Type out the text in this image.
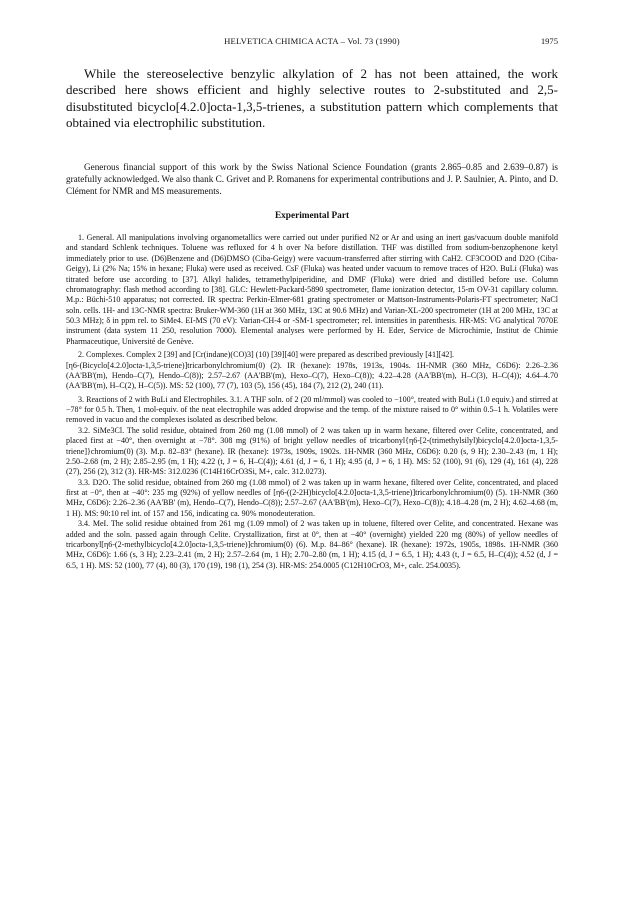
HELVETICA CHIMICA ACTA – Vol. 73 (1990)	1975

While the stereoselective benzylic alkylation of 2 has not been attained, the work described here shows efficient and highly selective routes to 2-substituted and 2,5-disubstituted bicyclo[4.2.0]octa-1,3,5-trienes, a substitution pattern which complements that obtained via electrophilic substitution.

Generous financial support of this work by the Swiss National Science Foundation (grants 2.865–0.85 and 2.639–0.87) is gratefully acknowledged. We also thank C. Grivet and P. Romanens for experimental contributions and J. P. Saulnier, A. Pinto, and D. Clément for NMR and MS measurements.

Experimental Part

1. General. All manipulations involving organometallics were carried out under purified N2 or Ar and using an inert gas/vacuum double manifold and standard Schlenk techniques. Toluene was refluxed for 4 h over Na before distillation. THF was distilled from sodium-benzophenone ketyl immediately prior to use. (D6)Benzene and (D6)DMSO (Ciba-Geigy) were vacuum-transferred after stirring with CaH2. CF3COOD and D2O (Ciba-Geigy), Li (2% Na; 15% in hexane; Fluka) were used as received. CsF (Fluka) was heated under vacuum to remove traces of H2O. BuLi (Fluka) was titrated before use according to [37]. Alkyl halides, tetramethylpiperidine, and DMF (Fluka) were dried and distilled before use. Column chromatography: flash method according to [38]. GLC: Hewlett-Packard-5890 spectrometer, flame ionization detector, 15-m OV-31 capillary column. M.p.: Büchi-510 apparatus; not corrected. IR spectra: Perkin-Elmer-681 grating spectrometer or Mattson-Instruments-Polaris-FT spectrometer; NaCl soln. cells. 1H- and 13C-NMR spectra: Bruker-WM-360 (1H at 360 MHz, 13C at 90.6 MHz) and Varian-XL-200 spectrometer (1H at 200 MHz, 13C at 50.3 MHz); δ in ppm rel. to SiMe4. EI-MS (70 eV): Varian-CH-4 or -SM-1 spectrometer; rel. intensities in parenthesis. HR-MS: VG analytical 7070E instrument (data system 11 250, resolution 7000). Elemental analyses were performed by H. Eder, Service de Microchimie, Institut de Chimie Pharmaceutique, Université de Genève.

2. Complexes. Complex 2 [39] and [Cr(indane)(CO)3] (10) [39][40] were prepared as described previously [41][42].

[η6-(Bicyclo[4.2.0]octa-1,3,5-triene)]tricarbonylchromium(0) (2). IR (hexane): 1978s, 1913s, 1904s. 1H-NMR (360 MHz, C6D6): 2.26–2.36 (AA'BB'(m), Hendo–C(7), Hendo–C(8)); 2.57–2.67 (AA'BB'(m), Hexo–C(7), Hexo–C(8)); 4.22–4.28 (AA'BB'(m), H–C(3), H–C(4)); 4.64–4.70 (AA'BB'(m), H–C(2), H–C(5)). MS: 52 (100), 77 (7), 103 (5), 156 (45), 184 (7), 212 (2), 240 (11).

3. Reactions of 2 with BuLi and Electrophiles. 3.1. A THF soln. of 2 (20 ml/mmol) was cooled to −100°, treated with BuLi (1.0 equiv.) and stirred at −78° for 0.5 h. Then, 1 mol-equiv. of the neat electrophile was added dropwise and the temp. of the mixture raised to 0° within 0.5–1 h. Volatiles were removed in vacuo and the complexes isolated as described below.

3.2. SiMe3Cl. The solid residue, obtained from 260 mg (1.08 mmol) of 2 was taken up in warm hexane, filtered over Celite, concentrated, and placed first at −40°, then overnight at −78°. 308 mg (91%) of bright yellow needles of tricarbonyl{η6-[2-(trimethylsilyl)bicyclo[4.2.0]octa-1,3,5-triene]}chromium(0) (3). M.p. 82–83° (hexane). IR (hexane): 1973s, 1909s, 1902s. 1H-NMR (360 MHz, C6D6): 0.20 (s, 9 H); 2.30–2.43 (m, 1 H); 2.50–2.68 (m, 2 H); 2.85–2.95 (m, 1 H); 4.22 (t, J = 6, H–C(4)); 4.61 (d, J = 6, 1 H); 4.95 (d, J = 6, 1 H). MS: 52 (100), 91 (6), 129 (4), 161 (4), 228 (27), 256 (2), 312 (3). HR-MS: 312.0236 (C14H16CrO3Si, M+, calc. 312.0273).

3.3. D2O. The solid residue, obtained from 260 mg (1.08 mmol) of 2 was taken up in warm hexane, filtered over Celite, concentrated, and placed first at −0°, then at −40°: 235 mg (92%) of yellow needles of [η6-((2-2H)bicyclo[4.2.0]octa-1,3,5-triene)]tricarbonylchromium(0) (5). 1H-NMR (360 MHz, C6D6): 2.26–2.36 (AA'BB' (m), Hendo–C(7), Hendo–C(8)); 2.57–2.67 (AA'BB'(m), Hexo–C(7), Hexo–C(8)); 4.18–4.28 (m, 2 H); 4.62–4.68 (m, 1 H). MS: 90:10 rel int. of 157 and 156, indicating ca. 90% monodeuteration.

3.4. MeI. The solid residue obtained from 261 mg (1.09 mmol) of 2 was taken up in toluene, filtered over Celite, and concentrated. Hexane was added and the soln. passed again through Celite. Crystallization, first at 0°, then at −40° (overnight) yielded 220 mg (80%) of yellow needles of tricarbonyl[η6-(2-methylbicyclo[4.2.0]octa-1,3,5-triene)]chromium(0) (6). M.p. 84–86° (hexane). IR (hexane): 1972s, 1905s, 1898s. 1H-NMR (360 MHz, C6D6): 1.66 (s, 3 H); 2.23–2.41 (m, 2 H); 2.57–2.64 (m, 1 H); 2.70–2.80 (m, 1 H); 4.15 (d, J = 6.5, 1 H); 4.43 (t, J = 6.5, H–C(4)); 4.52 (d, J = 6.5, 1 H). MS: 52 (100), 77 (4), 80 (3), 170 (19), 198 (1), 254 (3). HR-MS: 254.0005 (C12H10CrO3, M+, calc. 254.0035).
